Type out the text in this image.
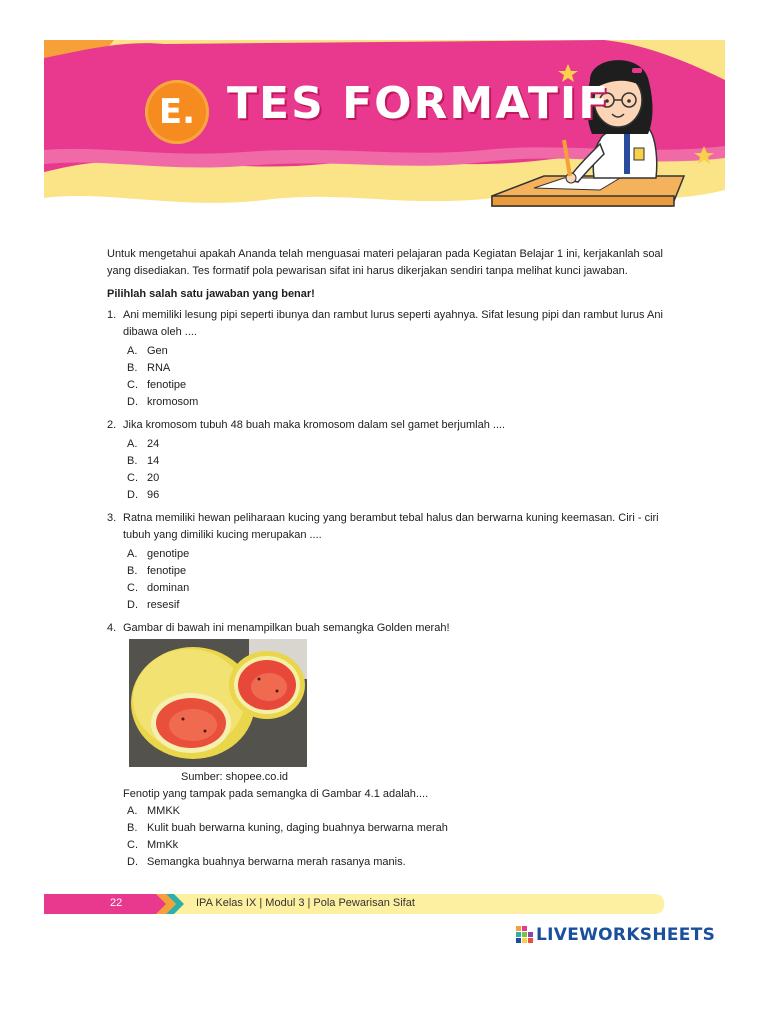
E. TES FORMATIF

Untuk mengetahui apakah Ananda telah menguasai materi pelajaran pada Kegiatan Belajar 1 ini, kerjakanlah soal yang disediakan. Tes formatif pola pewarisan sifat ini harus dikerjakan sendiri tanpa melihat kunci jawaban.

Pilihlah salah satu jawaban yang benar!

1. Ani memiliki lesung pipi seperti ibunya dan rambut lurus seperti ayahnya. Sifat lesung pipi dan rambut lurus Ani dibawa oleh ....
A. Gen
B. RNA
C. fenotipe
D. kromosom
2. Jika kromosom tubuh 48 buah maka kromosom dalam sel gamet berjumlah ....
A. 24
B. 14
C. 20
D. 96
3. Ratna memiliki hewan peliharaan kucing yang berambut tebal halus dan berwarna kuning keemasan. Ciri - ciri tubuh yang dimiliki kucing merupakan ....
A. genotipe
B. fenotipe
C. dominan
D. resesif
4. Gambar di bawah ini menampilkan buah semangka Golden merah!

Sumber: shopee.co.id

Fenotip yang tampak pada semangka di Gambar 4.1 adalah....

A. MMKK
B. Kulit buah berwarna kuning, daging buahnya berwarna merah
C. MmKk
D. Semangka buahnya berwarna merah rasanya manis.
22	IPA Kelas IX | Modul 3 | Pola Pewarisan Sifat
LIVEWORKSHEETS
